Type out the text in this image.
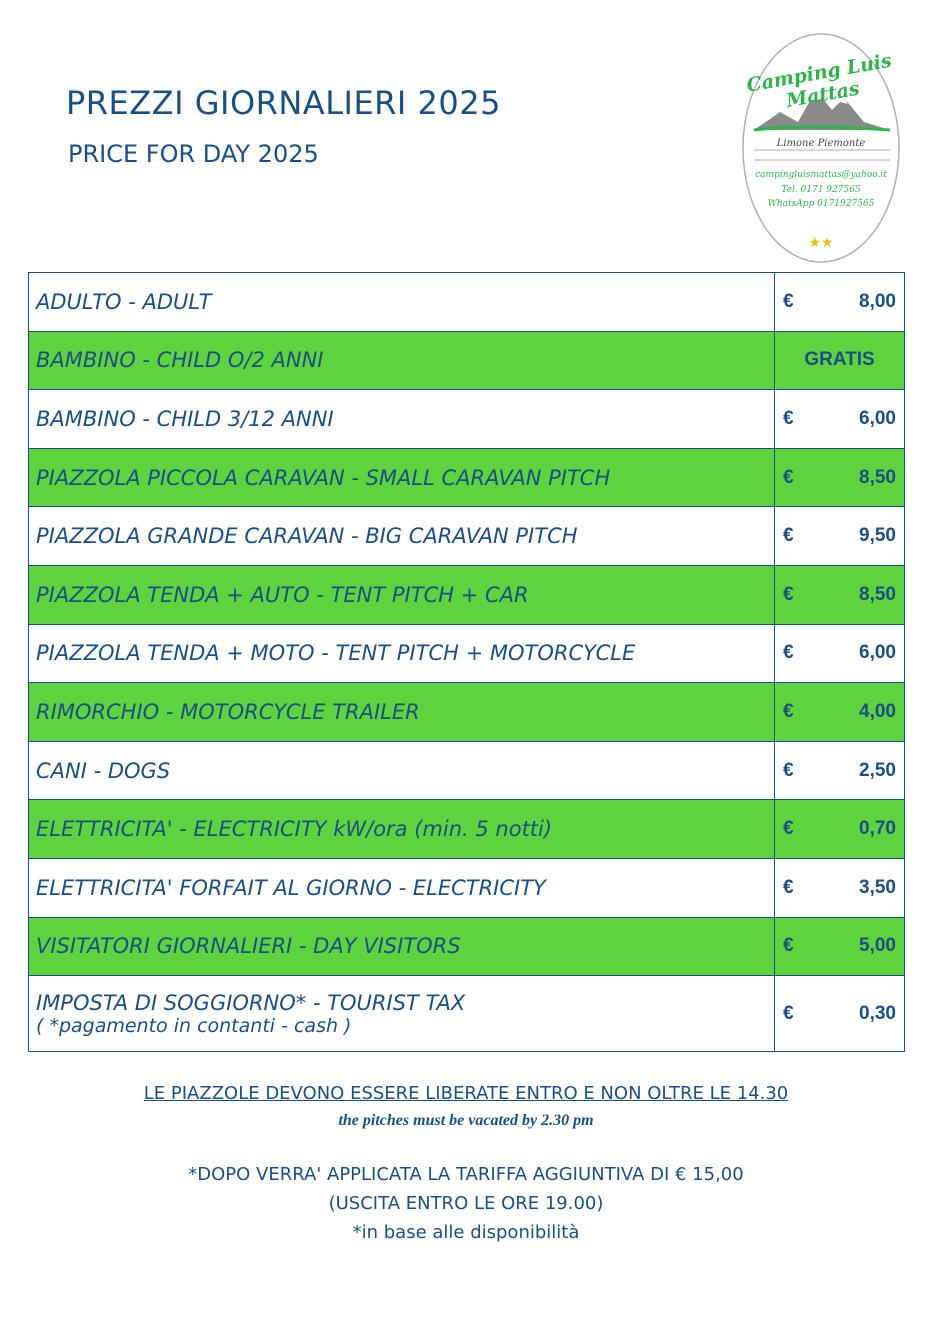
PREZZI GIORNALIERI 2025
PRICE FOR DAY 2025
Camping Luis Mattas
Limone Piemonte
campingluismattas@yahoo.it
Tel. 0171 927565
WhatsApp 0171927565
★★
ADULTO - ADULT	€ 8,00

BAMBINO - CHILD O/2 ANNI	GRATIS

BAMBINO - CHILD 3/12 ANNI	€ 6,00

PIAZZOLA PICCOLA CARAVAN - SMALL CARAVAN PITCH	€ 8,50

PIAZZOLA GRANDE CARAVAN - BIG CARAVAN PITCH	€ 9,50

PIAZZOLA TENDA + AUTO - TENT PITCH + CAR	€ 8,50

PIAZZOLA TENDA + MOTO - TENT PITCH + MOTORCYCLE	€ 6,00

RIMORCHIO - MOTORCYCLE TRAILER	€ 4,00

CANI - DOGS	€ 2,50

ELETTRICITA' - ELECTRICITY kW/ora (min. 5 notti)	€ 0,70

ELETTRICITA' FORFAIT AL GIORNO - ELECTRICITY	€ 3,50

VISITATORI GIORNALIERI - DAY VISITORS	€ 5,00

IMPOSTA DI SOGGIORNO* - TOURIST TAX
( *pagamento in contanti - cash )	€ 0,30
LE PIAZZOLE DEVONO ESSERE LIBERATE ENTRO E NON OLTRE LE 14.30
the pitches must be vacated by 2.30 pm
*DOPO VERRA' APPLICATA LA TARIFFA AGGIUNTIVA DI € 15,00
(USCITA ENTRO LE ORE 19.00)
*in base alle disponibilità
